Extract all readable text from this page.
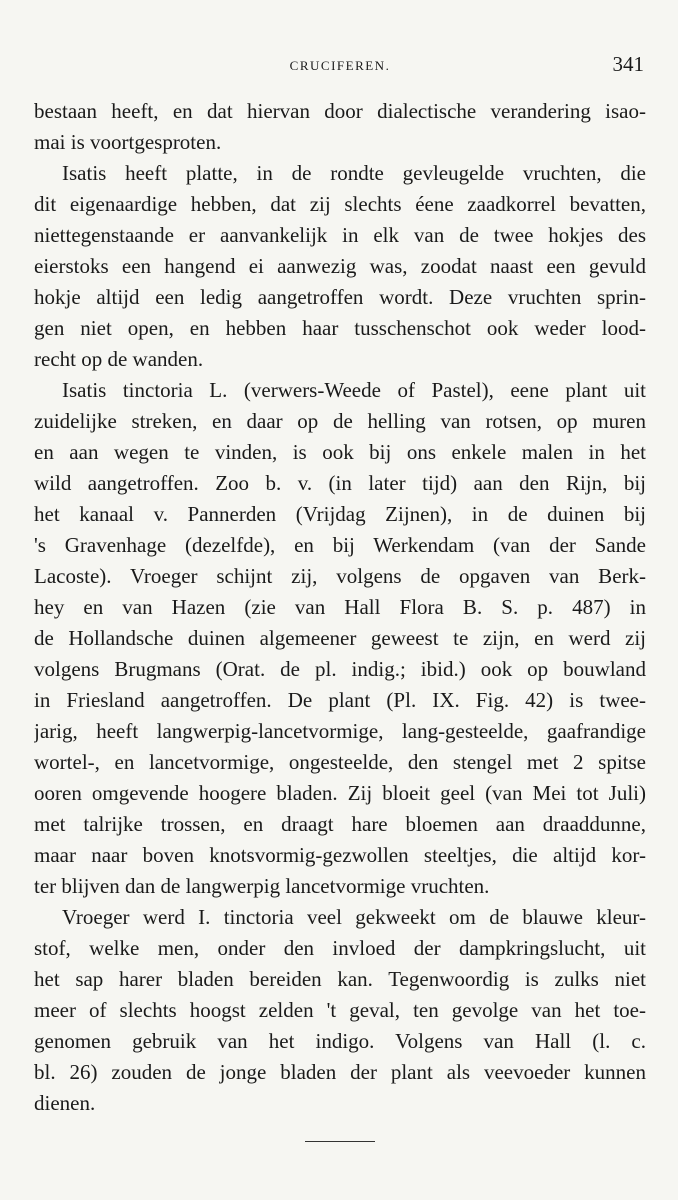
CRUCIFEREN.	341
bestaan heeft, en dat hiervan door dialectische verandering isao-
mai is voortgesproten.
Isatis heeft platte, in de rondte gevleugelde vruchten, die
dit eigenaardige hebben, dat zij slechts éene zaadkorrel bevatten,
niettegenstaande er aanvankelijk in elk van de twee hokjes des
eierstoks een hangend ei aanwezig was, zoodat naast een gevuld
hokje altijd een ledig aangetroffen wordt. Deze vruchten sprin-
gen niet open, en hebben haar tusschenschot ook weder lood-
recht op de wanden.
Isatis tinctoria L. (verwers-Weede of Pastel), eene plant uit
zuidelijke streken, en daar op de helling van rotsen, op muren
en aan wegen te vinden, is ook bij ons enkele malen in het
wild aangetroffen. Zoo b. v. (in later tijd) aan den Rijn, bij
het kanaal v. Pannerden (Vrijdag Zijnen), in de duinen bij
's Gravenhage (dezelfde), en bij Werkendam (van der Sande
Lacoste). Vroeger schijnt zij, volgens de opgaven van Berk-
hey en van Hazen (zie van Hall Flora B. S. p. 487) in
de Hollandsche duinen algemeener geweest te zijn, en werd zij
volgens Brugmans (Orat. de pl. indig.; ibid.) ook op bouwland
in Friesland aangetroffen. De plant (Pl. IX. Fig. 42) is twee-
jarig, heeft langwerpig-lancetvormige, lang-gesteelde, gaafrandige
wortel-, en lancetvormige, ongesteelde, den stengel met 2 spitse
ooren omgevende hoogere bladen. Zij bloeit geel (van Mei tot Juli)
met talrijke trossen, en draagt hare bloemen aan draaddunne,
maar naar boven knotsvormig-gezwollen steeltjes, die altijd kor-
ter blijven dan de langwerpig lancetvormige vruchten.
Vroeger werd I. tinctoria veel gekweekt om de blauwe kleur-
stof, welke men, onder den invloed der dampkringslucht, uit
het sap harer bladen bereiden kan. Tegenwoordig is zulks niet
meer of slechts hoogst zelden 't geval, ten gevolge van het toe-
genomen gebruik van het indigo. Volgens van Hall (l. c.
bl. 26) zouden de jonge bladen der plant als veevoeder kunnen
dienen.
